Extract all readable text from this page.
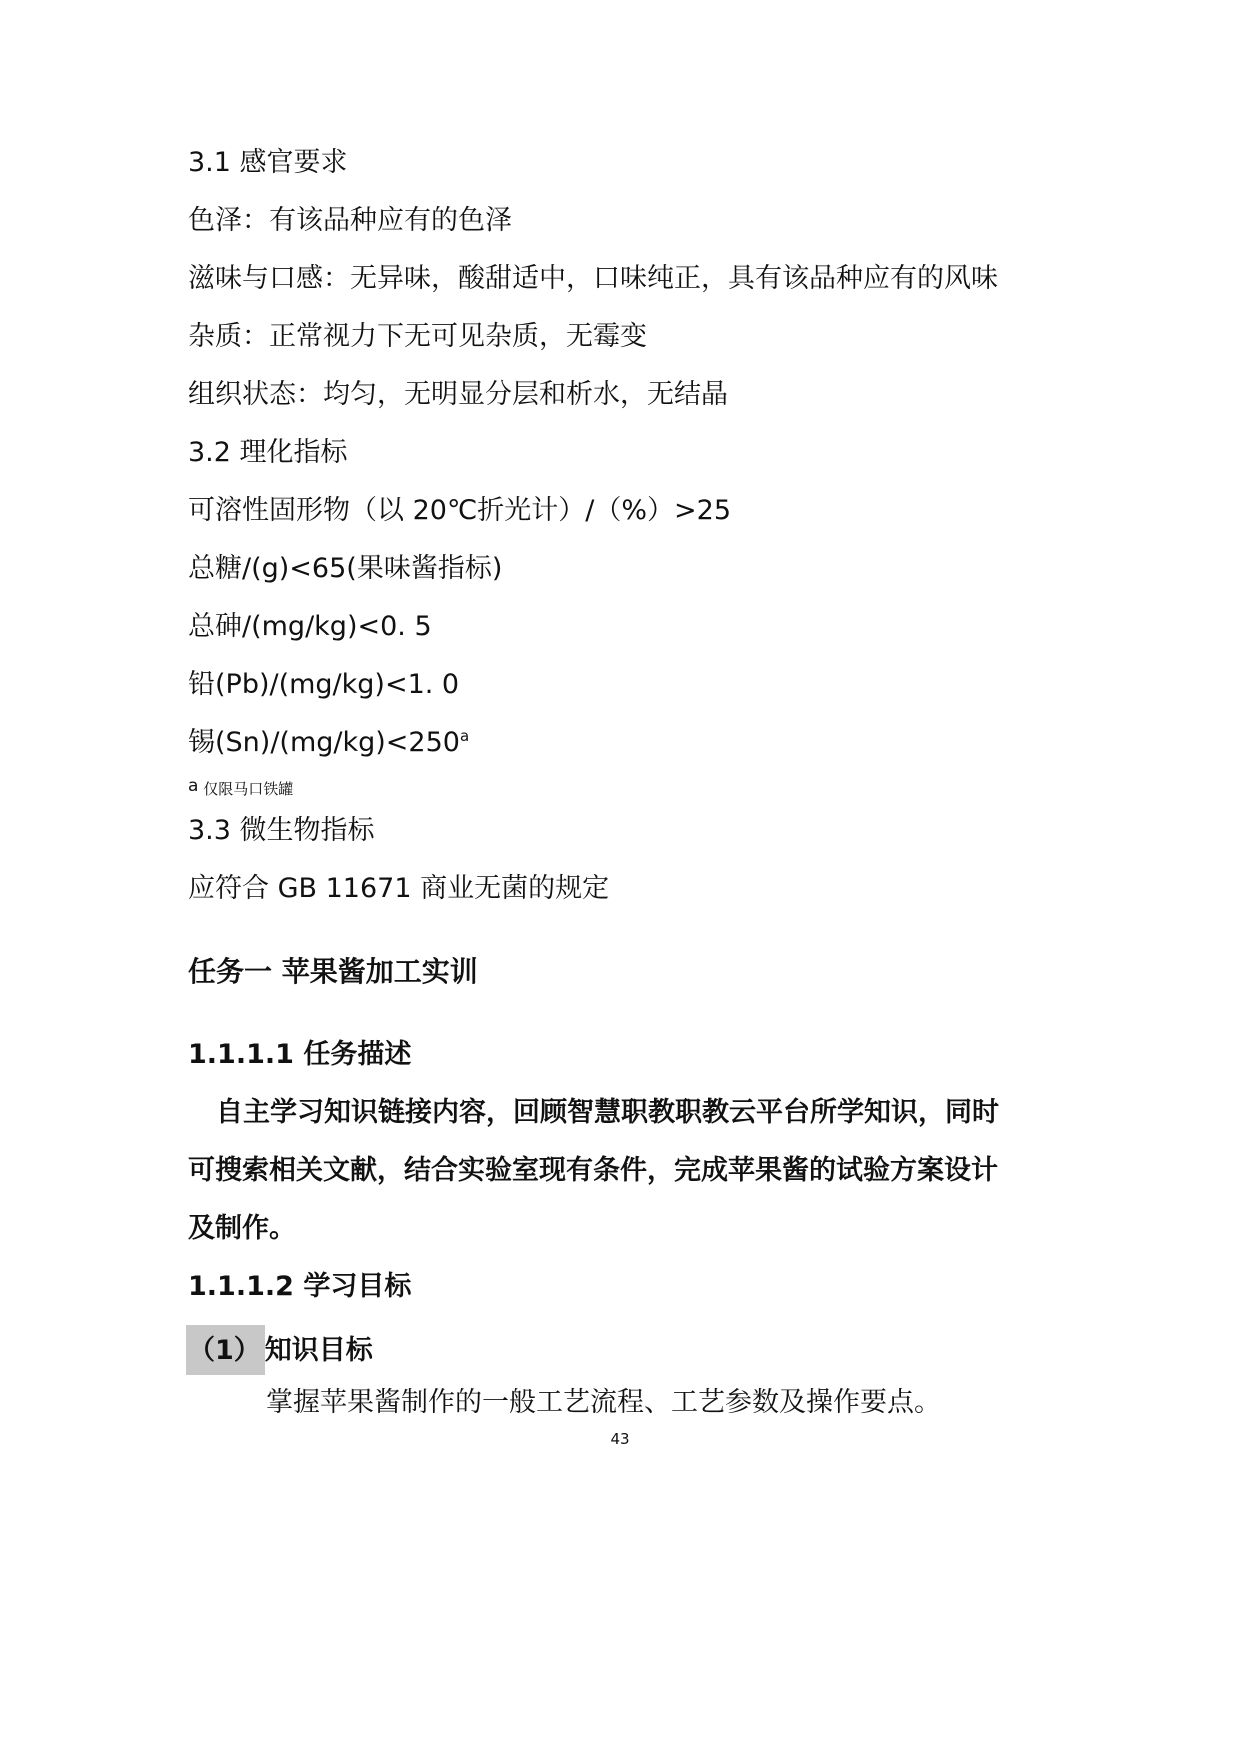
3.1 感官要求
色泽：有该品种应有的色泽
滋味与口感：无异味，酸甜适中，口味纯正，具有该品种应有的风味
杂质：正常视力下无可见杂质，无霉变
组织状态：均匀，无明显分层和析水，无结晶
3.2 理化指标
可溶性固形物（以 20℃折光计）/（%）>25
总糖/(g)<65(果味酱指标)
总砷/(mg/kg)<0. 5
铅(Pb)/(mg/kg)<1. 0
锡$(Sn)/(mg/kg)<250^a$
a 仅限马口铁罐
3.3 微生物指标
应符合 GB 11671 商业无菌的规定
任务一 苹果酱加工实训
1.1.1.1 任务描述
自主学习知识链接内容，回顾智慧职教职教云平台所学知识，同时
可搜索相关文献，结合实验室现有条件，完成苹果酱的试验方案设计
及制作。
1.1.1.2 学习目标
（1） 知识目标
掌握苹果酱制作的一般工艺流程、工艺参数及操作要点。
43
